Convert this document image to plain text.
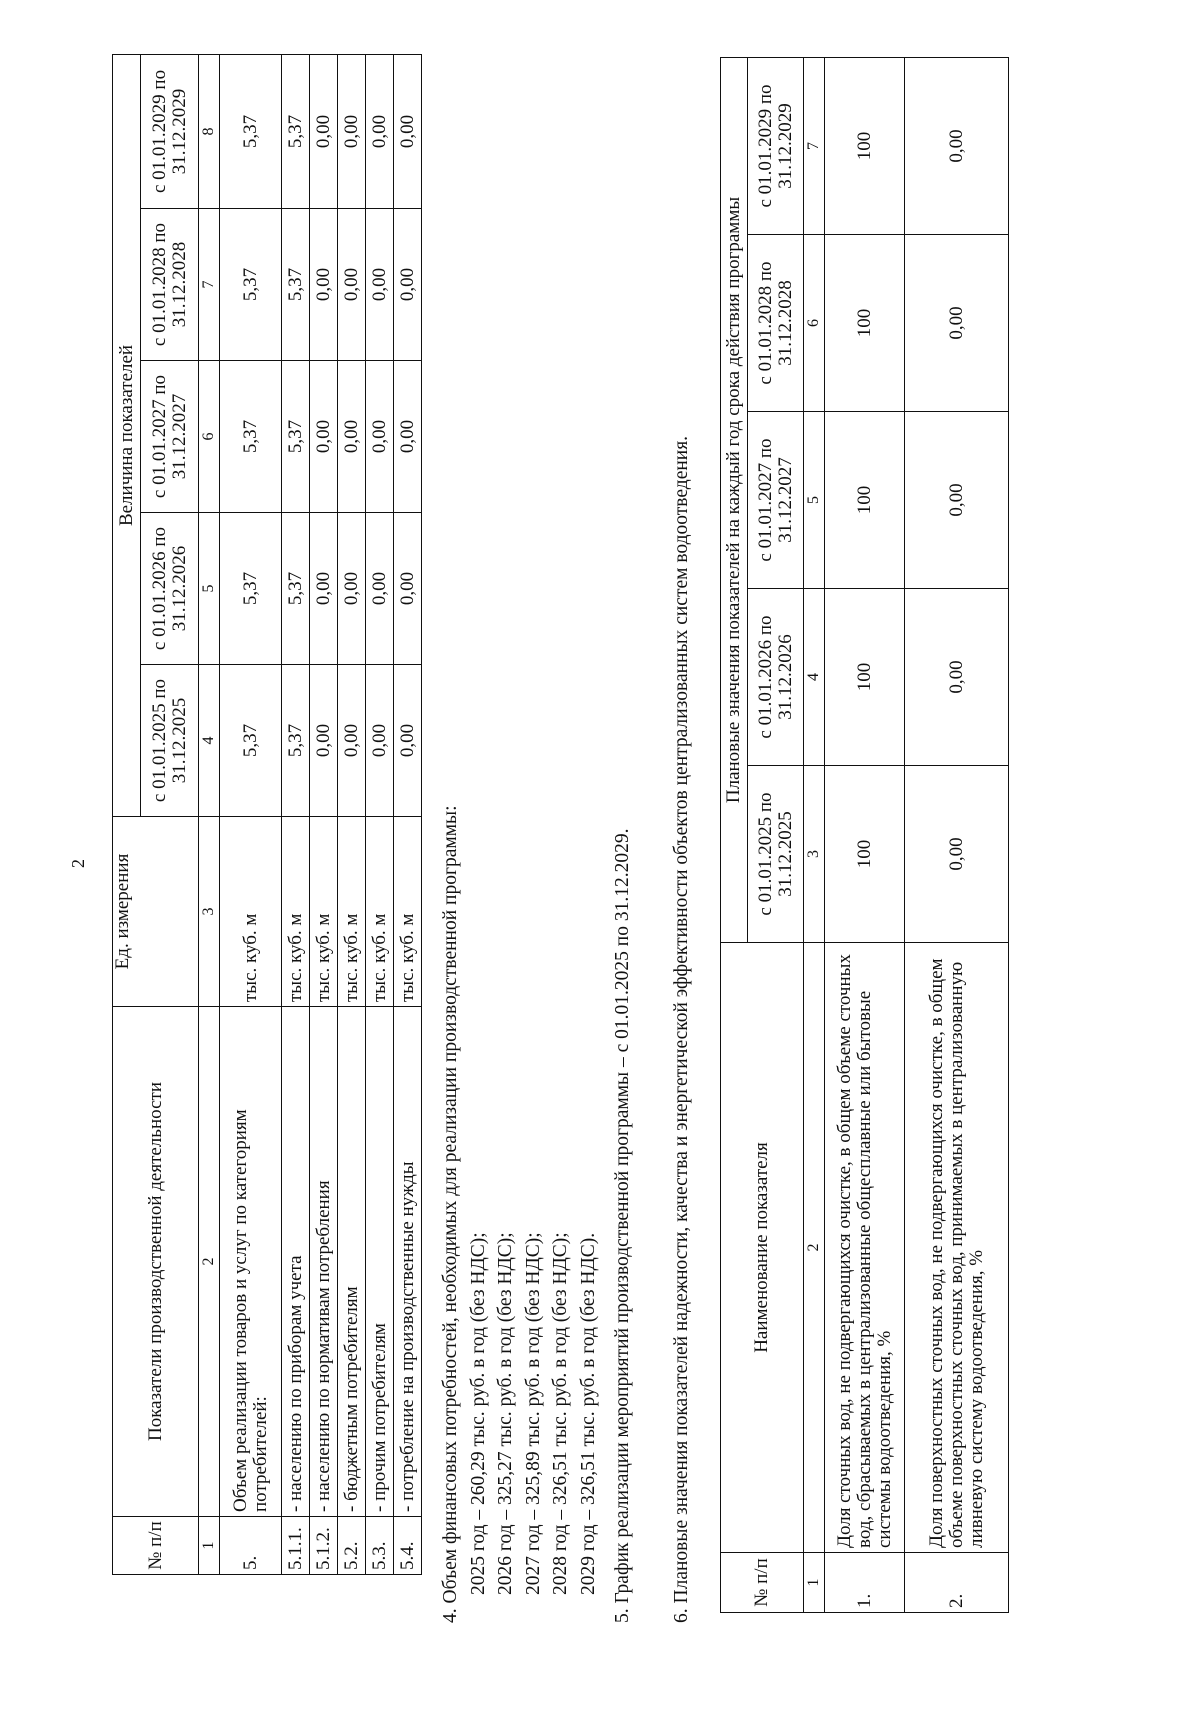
2
№ п/п	Показатели производственной деятельности	Ед. измерения	Величина показателей				
			с 01.01.2025 по 31.12.2025	с 01.01.2026 по 31.12.2026	с 01.01.2027 по 31.12.2027	с 01.01.2028 по 31.12.2028	с 01.01.2029 по 31.12.2029
1	2	3	4	5	6	7	8
5.	Объем реализации товаров и услуг по категориям потребителей:	тыс. куб. м	5,37	5,37	5,37	5,37	5,37
5.1.1.	- населению по приборам учета	тыс. куб. м	5,37	5,37	5,37	5,37	5,37
5.1.2.	- населению по нормативам потребления	тыс. куб. м	0,00	0,00	0,00	0,00	0,00
5.2.	- бюджетным потребителям	тыс. куб. м	0,00	0,00	0,00	0,00	0,00
5.3.	- прочим потребителям	тыс. куб. м	0,00	0,00	0,00	0,00	0,00
5.4.	- потребление на производственные нужды	тыс. куб. м	0,00	0,00	0,00	0,00	0,00
4. Объем финансовых потребностей, необходимых для реализации производственной программы: 2025 год – 260,29 тыс. руб. в год (без НДС); 2026 год – 325,27 тыс. руб. в год (без НДС); 2027 год – 325,89 тыс. руб. в год (без НДС); 2028 год – 326,51 тыс. руб. в год (без НДС); 2029 год – 326,51 тыс. руб. в год (без НДС). 5. График реализации мероприятий производственной программы – с 01.01.2025 по 31.12.2029. 6. Плановые значения показателей надежности, качества и энергетической эффективности объектов централизованных систем водоотведения.	№ п/п	Наименование показателя	Плановые значения показателей на каждый год срока действия программы				
		с 01.01.2025 по 31.12.2025	с 01.01.2026 по 31.12.2026	с 01.01.2027 по 31.12.2027	с 01.01.2028 по 31.12.2028	с 01.01.2029 по 31.12.2029
1	2	3	4	5	6	7
1.	Доля сточных вод, не подвергающихся очистке, в общем объеме сточных вод, сбрасываемых в централизованные общесплавные или бытовые системы водоотведения, %	100	100	100	100	100
2.	Доля поверхностных сточных вод, не подвергающихся очистке, в общем объеме поверхностных сточных вод, принимаемых в централизованную ливневую систему водоотведения, %	0,00	0,00	0,00	0,00	0,00
